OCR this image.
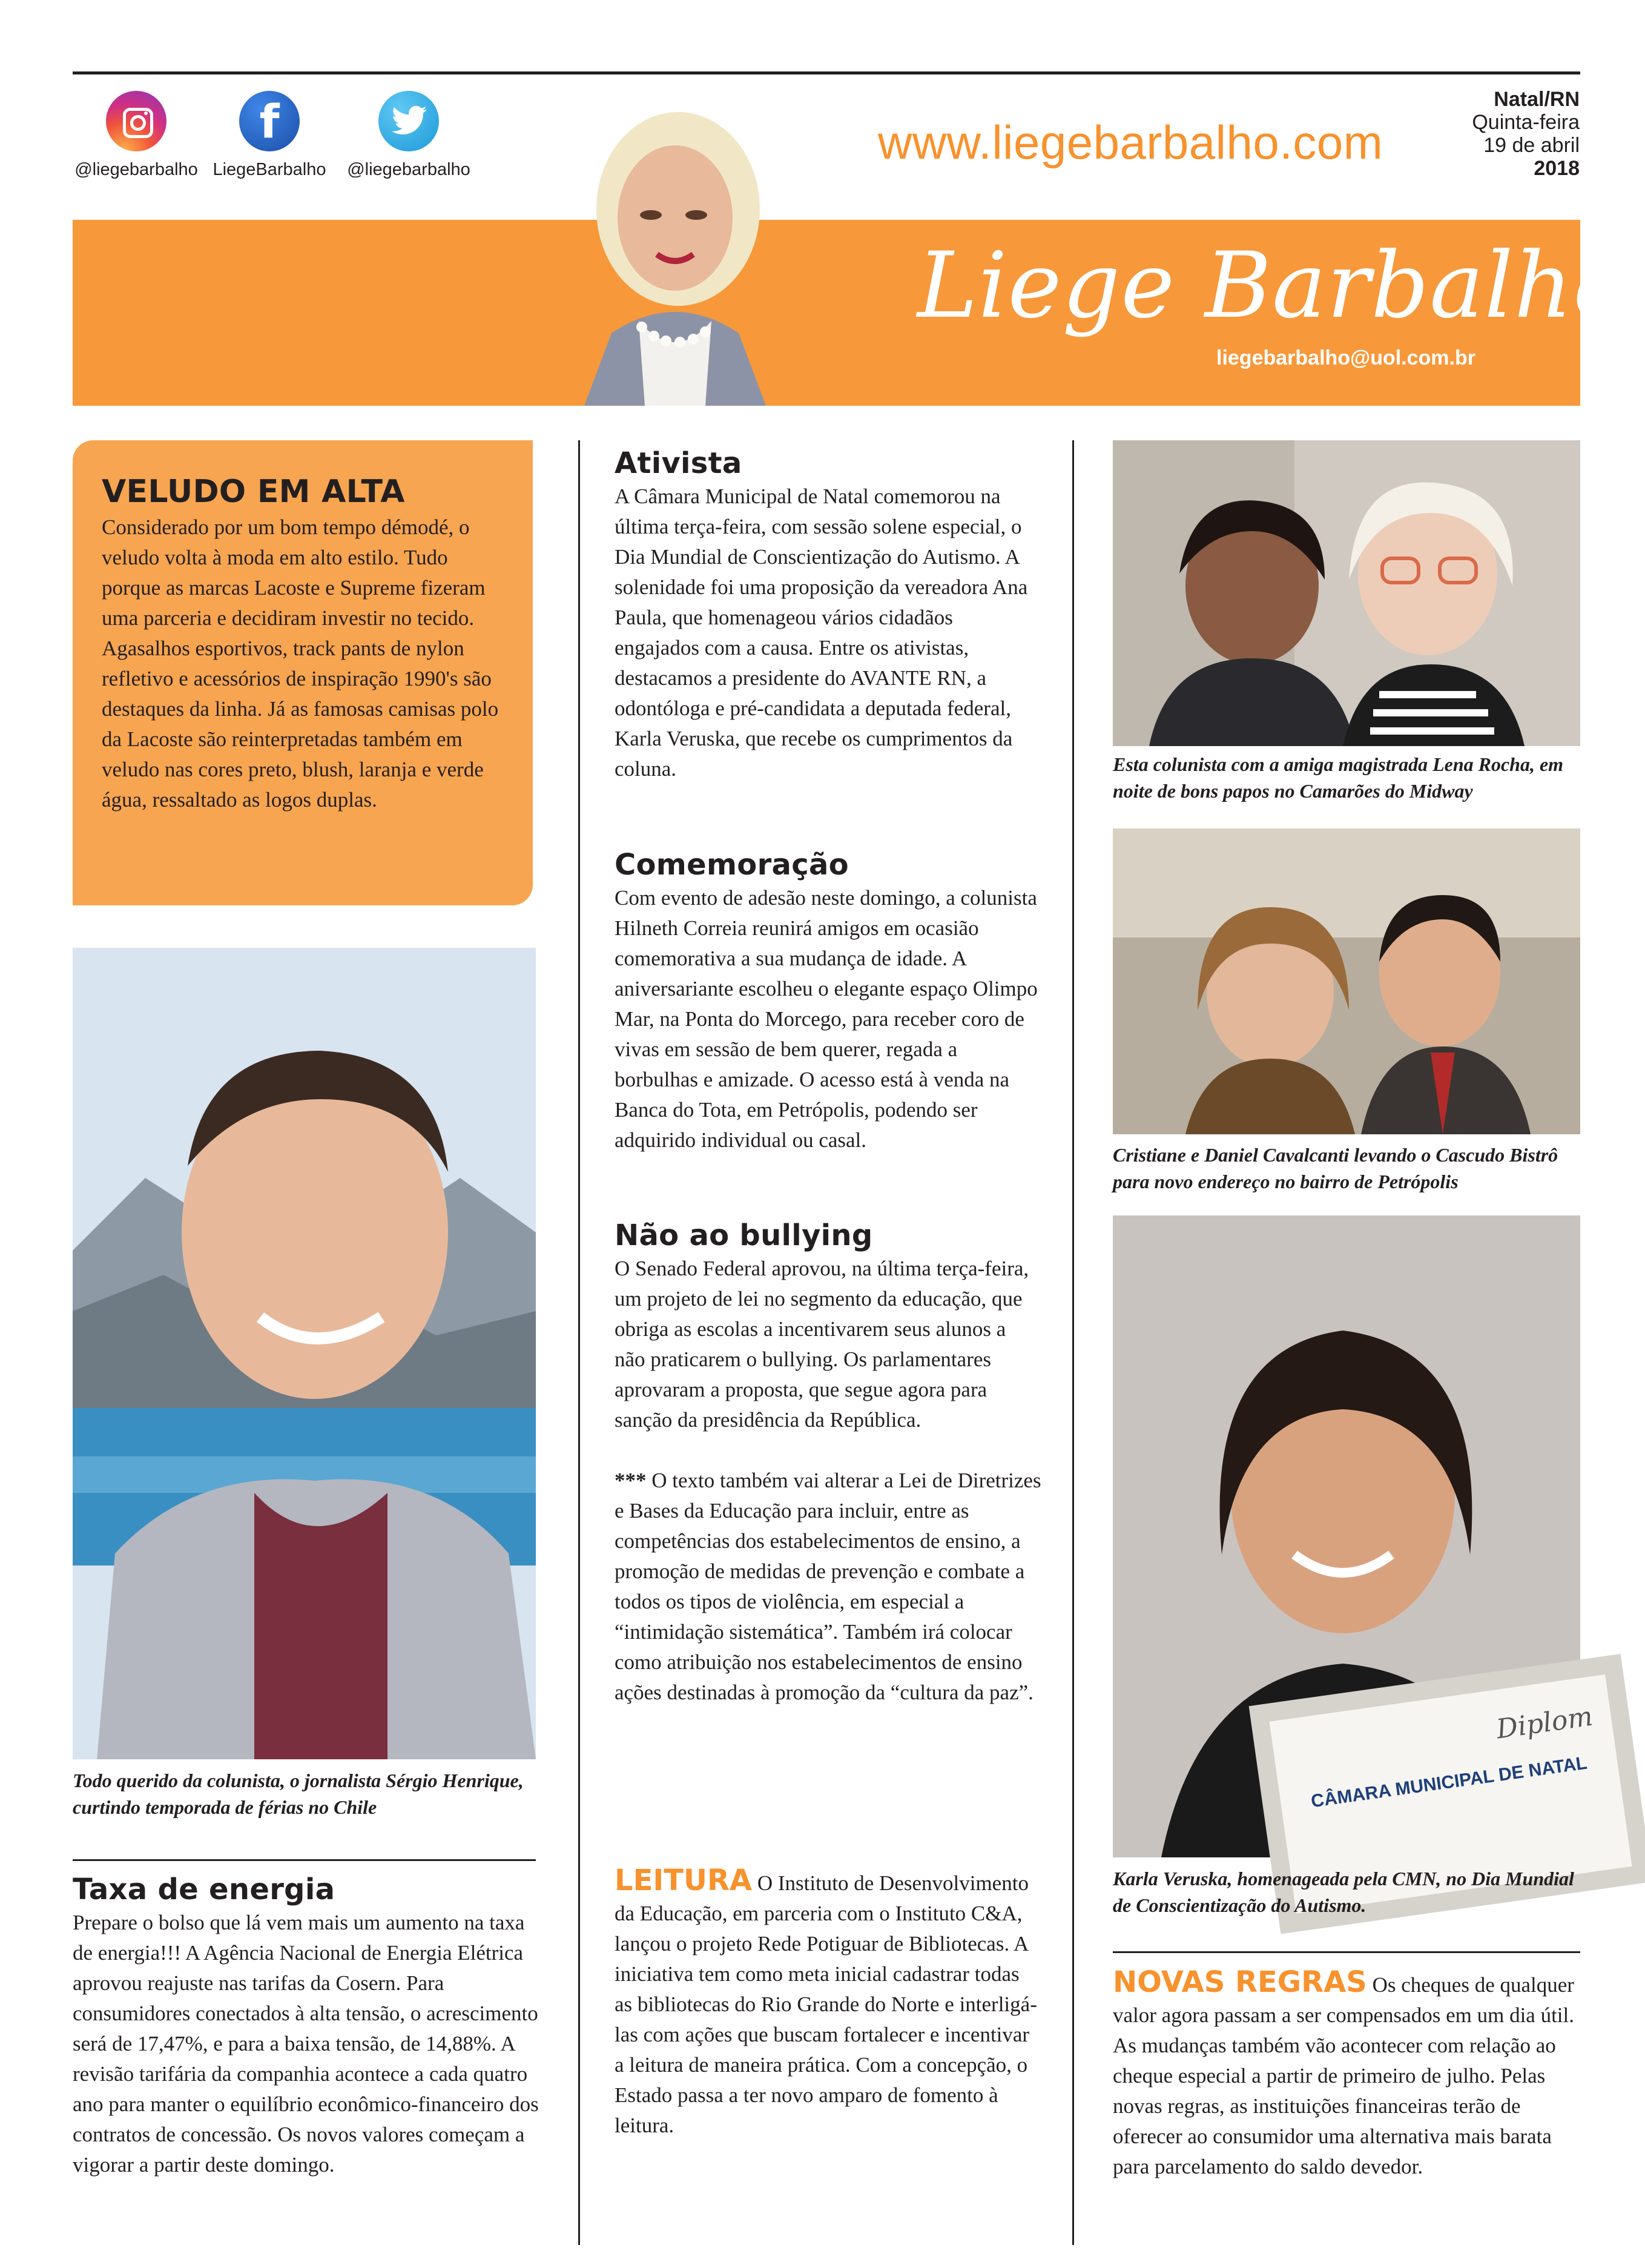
@liegebarbalho
f
LiegeBarbalho	@liegebarbalho
www.liegebarbalho.com
Natal/RN
Quinta-feira
19 de abril
2018
Liege Barbalho
liegebarbalho@uol.com.br

VELUDO EM ALTA

Considerado por um bom tempo démodé, o veludo volta à moda em alto estilo. Tudo porque as marcas Lacoste e Supreme fizeram uma parceria e decidiram investir no tecido. Agasalhos esportivos, track pants de nylon refletivo e acessórios de inspiração 1990's são destaques da linha. Já as famosas camisas polo da Lacoste são reinterpretadas também em veludo nas cores preto, blush, laranja e verde água, ressaltado as logos duplas.

Todo querido da colunista, o jornalista Sérgio Henrique, curtindo temporada de férias no Chile

Taxa de energia

Prepare o bolso que lá vem mais um aumento na taxa de energia!!! A Agência Nacional de Energia Elétrica aprovou reajuste nas tarifas da Cosern. Para consumidores conectados à alta tensão, o acrescimento será de 17,47%, e para a baixa tensão, de 14,88%. A revisão tarifária da companhia acontece a cada quatro ano para manter o equilíbrio econômico-financeiro dos contratos de concessão. Os novos valores começam a vigorar a partir deste domingo.

Ativista

A Câmara Municipal de Natal comemorou na última terça-feira, com sessão solene especial, o Dia Mundial de Conscientização do Autismo. A solenidade foi uma proposição da vereadora Ana Paula, que homenageou vários cidadãos engajados com a causa. Entre os ativistas, destacamos a presidente do AVANTE RN, a odontóloga e pré-candidata a deputada federal, Karla Veruska, que recebe os cumprimentos da coluna.

Comemoração

Com evento de adesão neste domingo, a colunista Hilneth Correia reunirá amigos em ocasião comemorativa a sua mudança de idade. A aniversariante escolheu o elegante espaço Olimpo Mar, na Ponta do Morcego, para receber coro de vivas em sessão de bem querer, regada a borbulhas e amizade. O acesso está à venda na Banca do Tota, em Petrópolis, podendo ser adquirido individual ou casal.

Não ao bullying

O Senado Federal aprovou, na última terça-feira, um projeto de lei no segmento da educação, que obriga as escolas a incentivarem seus alunos a não praticarem o bullying. Os parlamentares aprovaram a proposta, que segue agora para sanção da presidência da República.

*** O texto também vai alterar a Lei de Diretrizes e Bases da Educação para incluir, entre as competências dos estabelecimentos de ensino, a promoção de medidas de prevenção e combate a todos os tipos de violência, em especial a “intimidação sistemática”. Também irá colocar como atribuição nos estabelecimentos de ensino ações destinadas à promoção da “cultura da paz”.

LEITURA O Instituto de Desenvolvimento da Educação, em parceria com o Instituto C&A, lançou o projeto Rede Potiguar de Bibliotecas. A iniciativa tem como meta inicial cadastrar todas as bibliotecas do Rio Grande do Norte e interligá-las com ações que buscam fortalecer e incentivar a leitura de maneira prática. Com a concepção, o Estado passa a ter novo amparo de fomento à leitura.

Esta colunista com a amiga magistrada Lena Rocha, em noite de bons papos no Camarões do Midway

Cristiane e Daniel Cavalcanti levando o Cascudo Bistrô para novo endereço no bairro de Petrópolis

Diplom
CÂMARA MUNICIPAL DE NATAL

Karla Veruska, homenageada pela CMN, no Dia Mundial de Conscientização do Autismo.

NOVAS REGRAS Os cheques de qualquer valor agora passam a ser compensados em um dia útil. As mudanças também vão acontecer com relação ao cheque especial a partir de primeiro de julho. Pelas novas regras, as instituições financeiras terão de oferecer ao consumidor uma alternativa mais barata para parcelamento do saldo devedor.
